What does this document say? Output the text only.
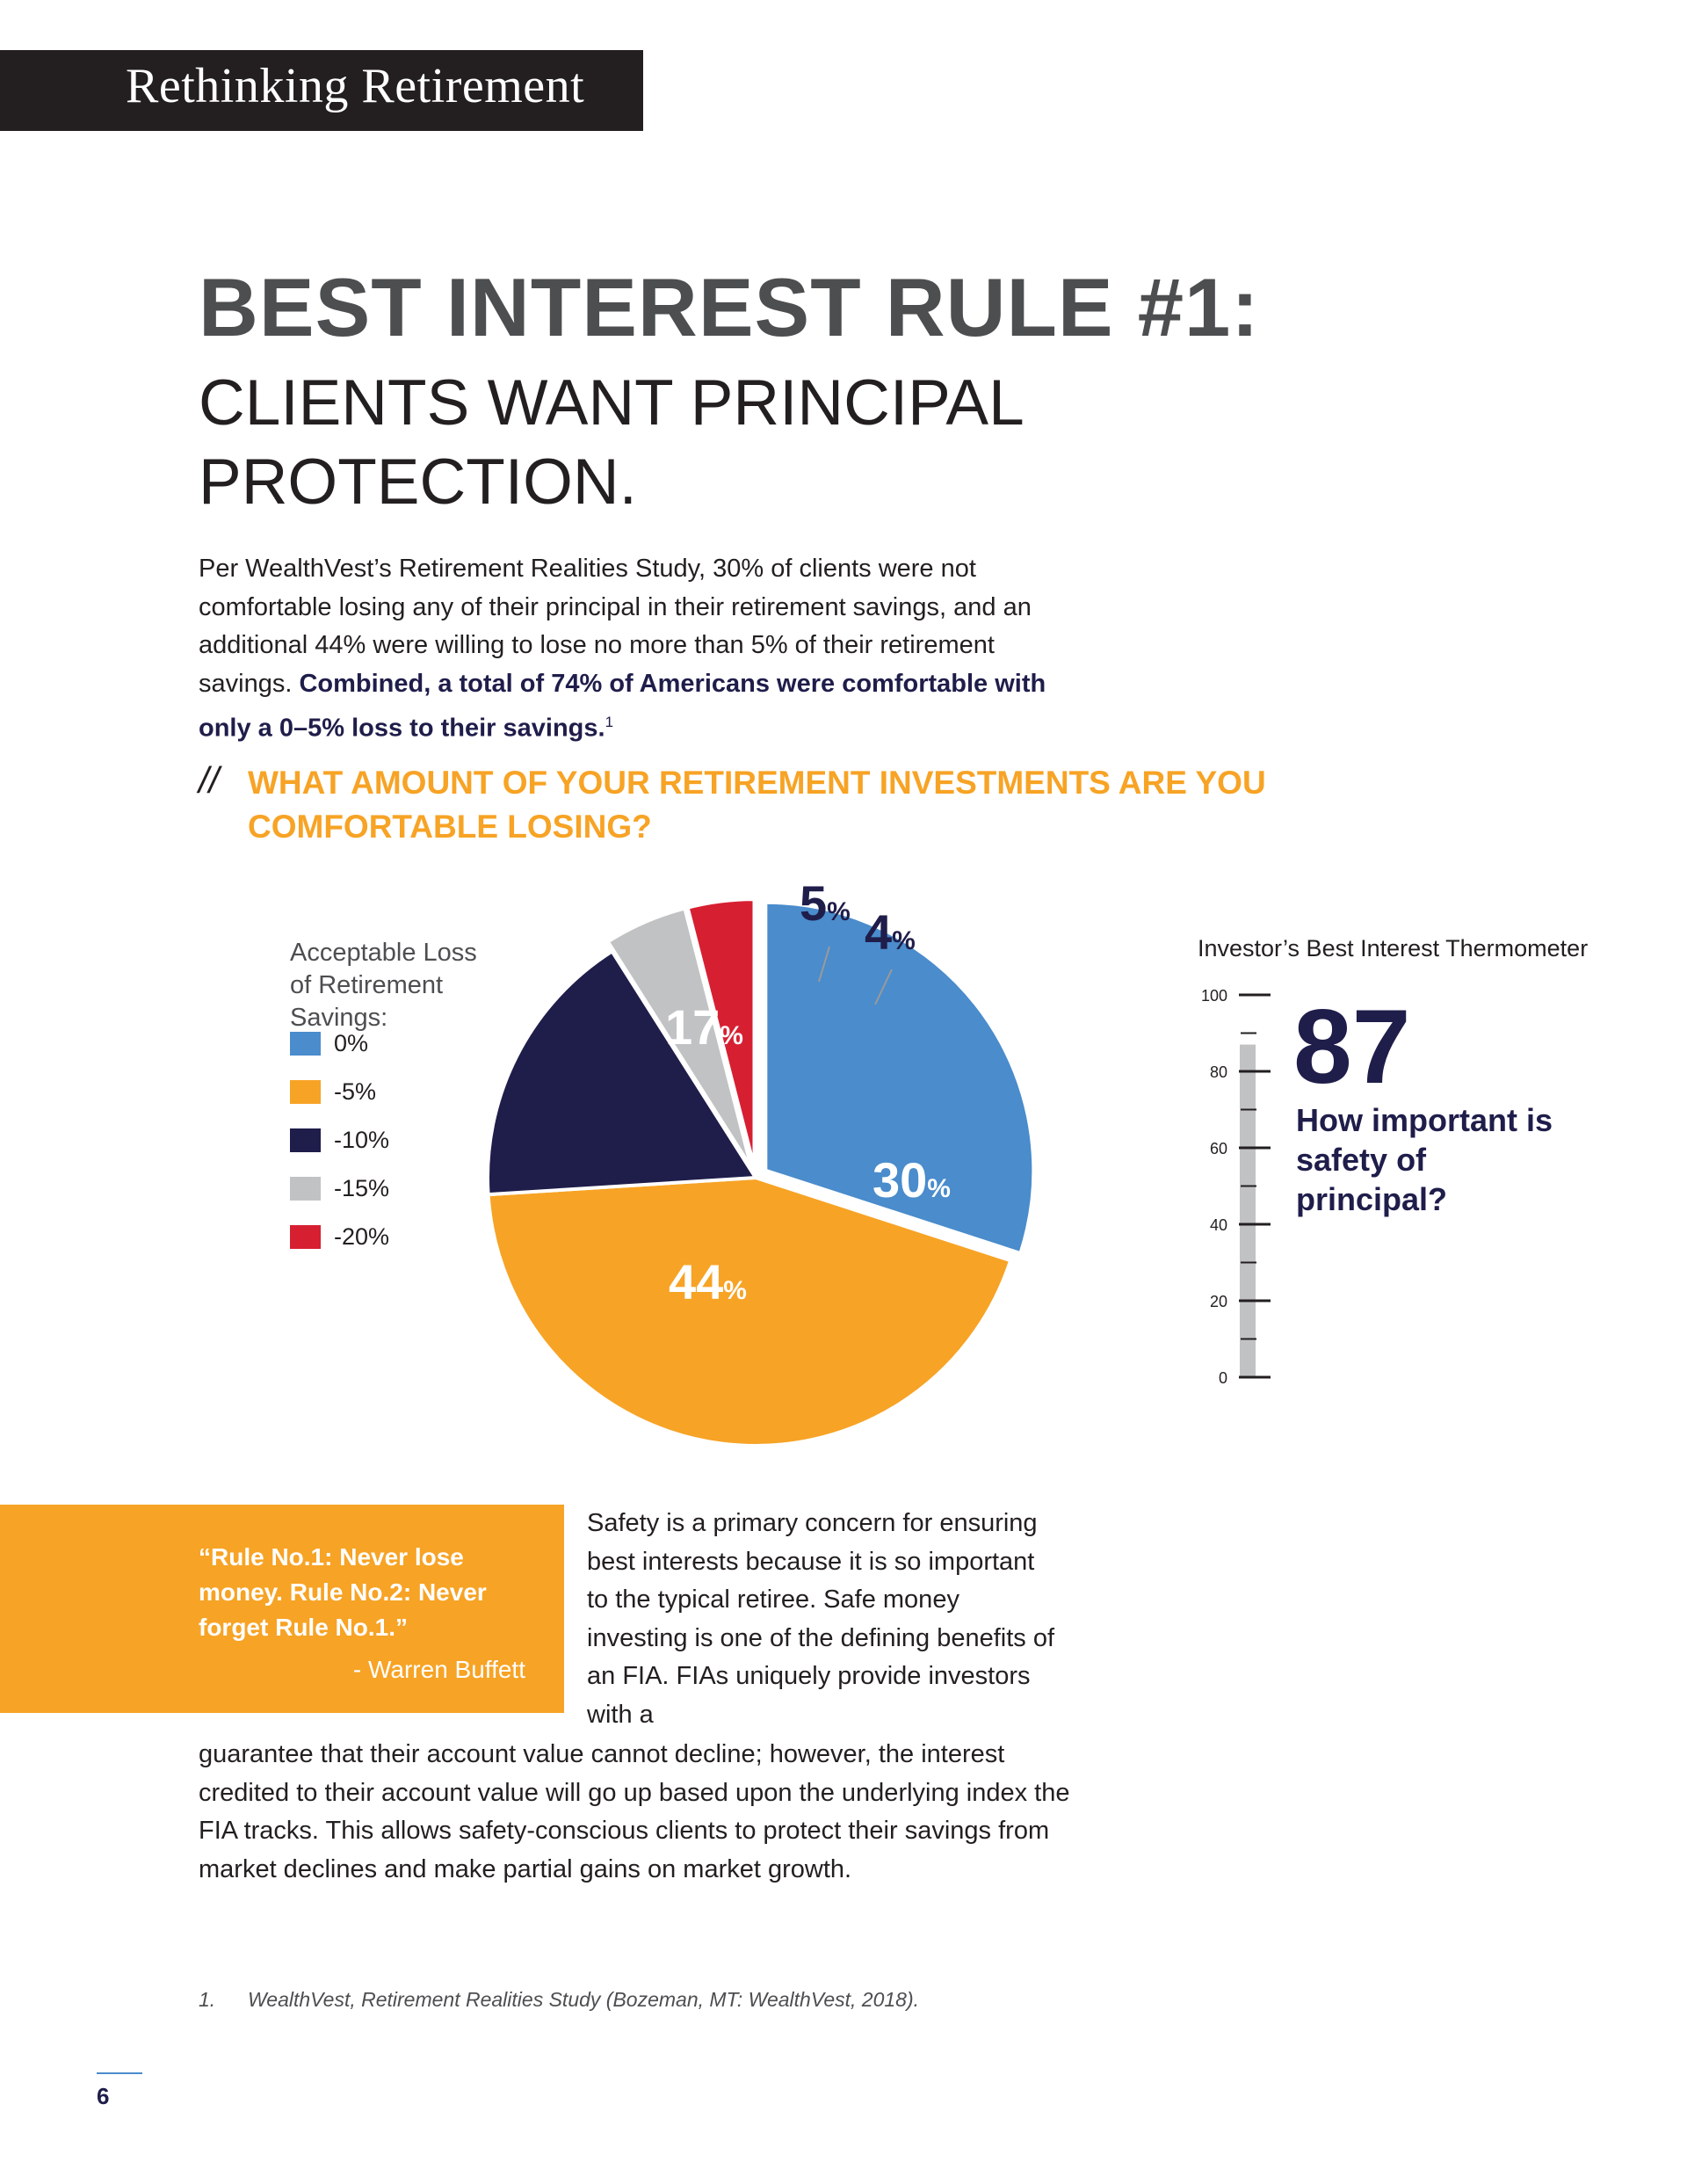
Rethinking Retirement
BEST INTEREST RULE #1:
CLIENTS WANT PRINCIPAL PROTECTION.
Per WealthVest’s Retirement Realities Study, 30% of clients were not comfortable losing any of their principal in their retirement savings, and an additional 44% were willing to lose no more than 5% of their retirement savings. Combined, a total of 74% of Americans were comfortable with only a 0–5% loss to their savings.$^1$
// WHAT AMOUNT OF YOUR RETIREMENT INVESTMENTS ARE YOU COMFORTABLE LOSING?
Acceptable Loss of Retirement Savings:
0%
-5%
-10%
-15%
-20%
30%
44%
17%
5% 4%	Investor’s Best Interest Thermometer
100
80
60
40
20
0
87
How important is safety of principal?
“Rule No.1: Never lose money. Rule No.2: Never forget Rule No.1.”
- Warren Buffett
Safety is a primary concern for ensuring best interests because it is so important to the typical retiree. Safe money investing is one of the defining benefits of an FIA. FIAs uniquely provide investors with a
guarantee that their account value cannot decline; however, the interest credited to their account value will go up based upon the underlying index the FIA tracks. This allows safety-conscious clients to protect their savings from market declines and make partial gains on market growth.
1. WealthVest, Retirement Realities Study (Bozeman, MT: WealthVest, 2018).
6
